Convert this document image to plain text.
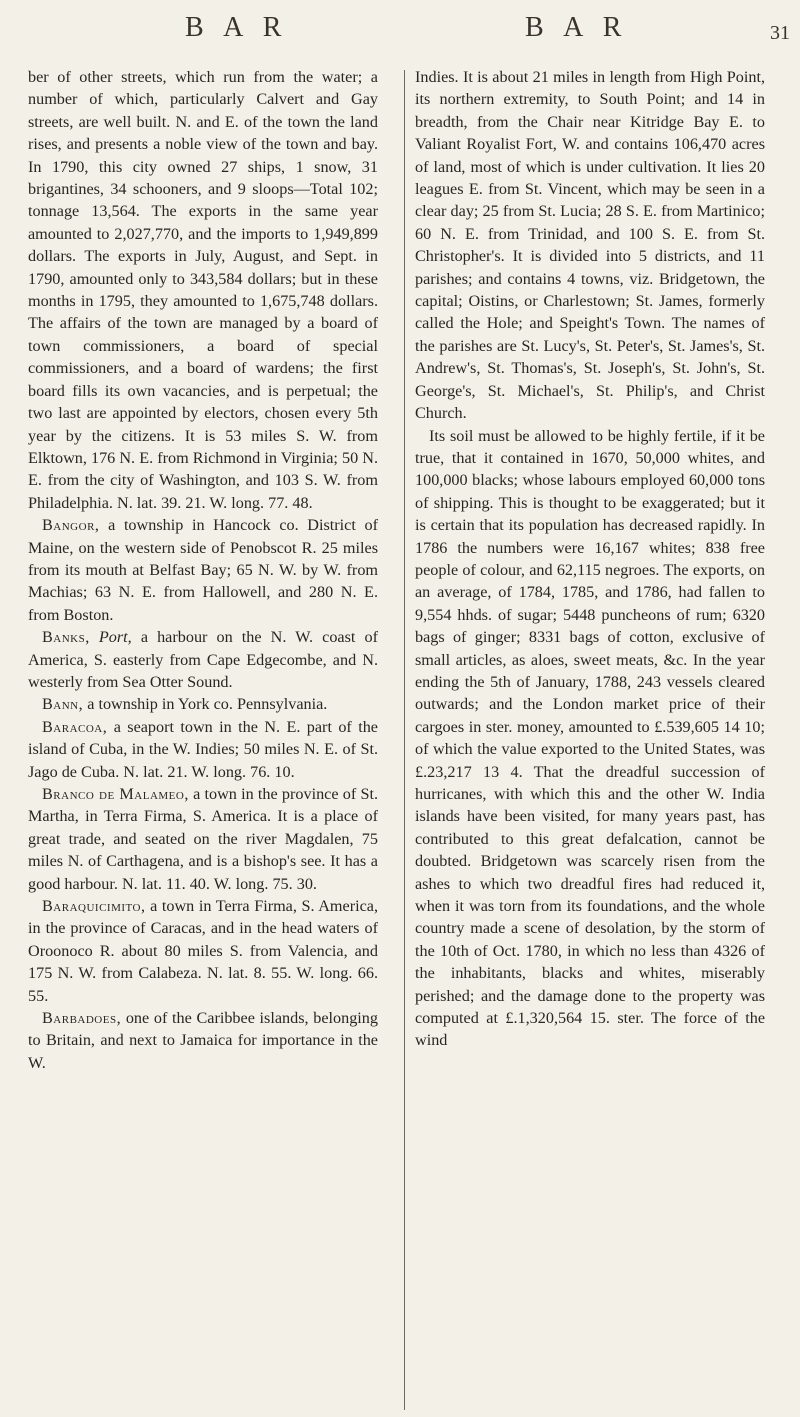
B A R	B A R	31

ber of other streets, which run from the water; a number of which, particularly Calvert and Gay streets, are well built. N. and E. of the town the land rises, and presents a noble view of the town and bay. In 1790, this city owned 27 ships, 1 snow, 31 brigantines, 34 schooners, and 9 sloops—Total 102; tonnage 13,564. The exports in the same year amounted to 2,027,770, and the imports to 1,949,899 dollars. The exports in July, August, and Sept. in 1790, amounted only to 343,584 dollars; but in these months in 1795, they amounted to 1,675,748 dollars. The affairs of the town are managed by a board of town commissioners, a board of special commissioners, and a board of wardens; the first board fills its own vacancies, and is perpetual; the two last are appointed by electors, chosen every 5th year by the citizens. It is 53 miles S. W. from Elktown, 176 N. E. from Richmond in Virginia; 50 N. E. from the city of Washington, and 103 S. W. from Philadelphia. N. lat. 39. 21. W. long. 77. 48.

Bangor, a township in Hancock co. District of Maine, on the western side of Penobscot R. 25 miles from its mouth at Belfast Bay; 65 N. W. by W. from Machias; 63 N. E. from Hallowell, and 280 N. E. from Boston.

Banks, Port, a harbour on the N. W. coast of America, S. easterly from Cape Edgecombe, and N. westerly from Sea Otter Sound.

Bann, a township in York co. Pennsylvania.

Baracoa, a seaport town in the N. E. part of the island of Cuba, in the W. Indies; 50 miles N. E. of St. Jago de Cuba. N. lat. 21. W. long. 76. 10.

Branco de Malameo, a town in the province of St. Martha, in Terra Firma, S. America. It is a place of great trade, and seated on the river Magdalen, 75 miles N. of Carthagena, and is a bishop's see. It has a good harbour. N. lat. 11. 40. W. long. 75. 30.

Baraquicimito, a town in Terra Firma, S. America, in the province of Caracas, and in the head waters of Oroonoco R. about 80 miles S. from Valencia, and 175 N. W. from Calabeza. N. lat. 8. 55. W. long. 66. 55.

Barbadoes, one of the Caribbee islands, belonging to Britain, and next to Jamaica for importance in the W.

Indies. It is about 21 miles in length from High Point, its northern extremity, to South Point; and 14 in breadth, from the Chair near Kitridge Bay E. to Valiant Royalist Fort, W. and contains 106,470 acres of land, most of which is under cultivation. It lies 20 leagues E. from St. Vincent, which may be seen in a clear day; 25 from St. Lucia; 28 S. E. from Martinico; 60 N. E. from Trinidad, and 100 S. E. from St. Christopher's. It is divided into 5 districts, and 11 parishes; and contains 4 towns, viz. Bridgetown, the capital; Oistins, or Charlestown; St. James, formerly called the Hole; and Speight's Town. The names of the parishes are St. Lucy's, St. Peter's, St. James's, St. Andrew's, St. Thomas's, St. Joseph's, St. John's, St. George's, St. Michael's, St. Philip's, and Christ Church.

Its soil must be allowed to be highly fertile, if it be true, that it contained in 1670, 50,000 whites, and 100,000 blacks; whose labours employed 60,000 tons of shipping. This is thought to be exaggerated; but it is certain that its population has decreased rapidly. In 1786 the numbers were 16,167 whites; 838 free people of colour, and 62,115 negroes. The exports, on an average, of 1784, 1785, and 1786, had fallen to 9,554 hhds. of sugar; 5448 puncheons of rum; 6320 bags of ginger; 8331 bags of cotton, exclusive of small articles, as aloes, sweet meats, &c. In the year ending the 5th of January, 1788, 243 vessels cleared outwards; and the London market price of their cargoes in ster. money, amounted to £.539,605 14 10; of which the value exported to the United States, was £.23,217 13 4. That the dreadful succession of hurricanes, with which this and the other W. India islands have been visited, for many years past, has contributed to this great defalcation, cannot be doubted. Bridgetown was scarcely risen from the ashes to which two dreadful fires had reduced it, when it was torn from its foundations, and the whole country made a scene of desolation, by the storm of the 10th of Oct. 1780, in which no less than 4326 of the inhabitants, blacks and whites, miserably perished; and the damage done to the property was computed at £.1,320,564 15. ster. The force of the wind
